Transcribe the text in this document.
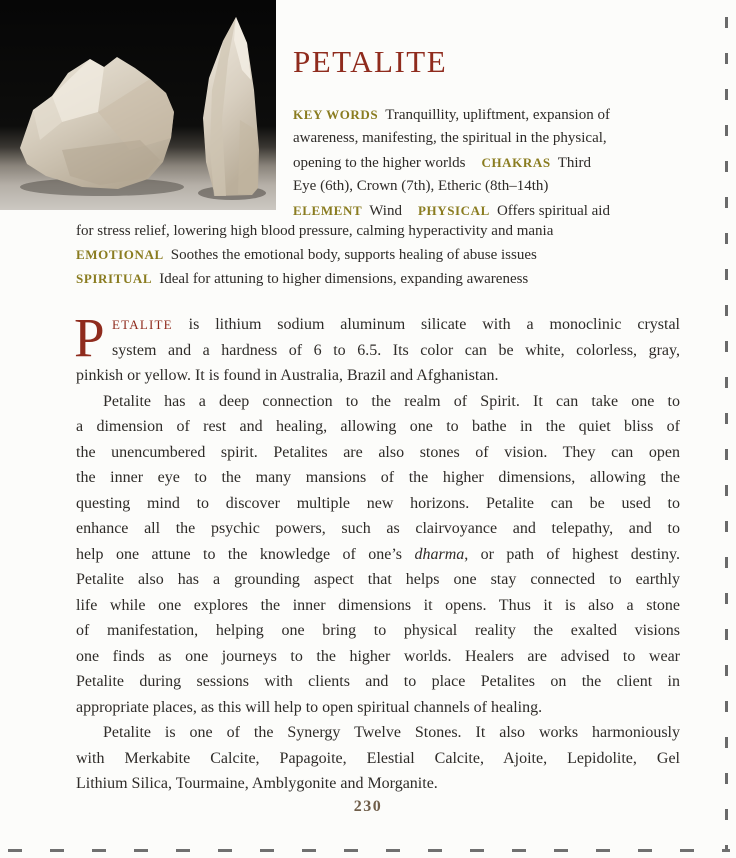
PETALITE
KEY WORDS Tranquillity, upliftment, expansion of
awareness, manifesting, the spiritual in the physical,
opening to the higher worlds CHAKRAS Third
Eye (6th), Crown (7th), Etheric (8th–14th)
ELEMENT Wind PHYSICAL Offers spiritual aid
for stress relief, lowering high blood pressure, calming hyperactivity and mania
EMOTIONAL Soothes the emotional body, supports healing of abuse issues
SPIRITUAL Ideal for attuning to higher dimensions, expanding awareness
P ETALITE is lithium sodium aluminum silicate with a monoclinic crystal
system and a hardness of 6 to 6.5. Its color can be white, colorless, gray,
pinkish or yellow. It is found in Australia, Brazil and Afghanistan.
Petalite has a deep connection to the realm of Spirit. It can take one to
a dimension of rest and healing, allowing one to bathe in the quiet bliss of
the unencumbered spirit. Petalites are also stones of vision. They can open
the inner eye to the many mansions of the higher dimensions, allowing the
questing mind to discover multiple new horizons. Petalite can be used to
enhance all the psychic powers, such as clairvoyance and telepathy, and to
help one attune to the knowledge of one’s dharma, or path of highest destiny.
Petalite also has a grounding aspect that helps one stay connected to earthly
life while one explores the inner dimensions it opens. Thus it is also a stone
of manifestation, helping one bring to physical reality the exalted visions
one finds as one journeys to the higher worlds. Healers are advised to wear
Petalite during sessions with clients and to place Petalites on the client in
appropriate places, as this will help to open spiritual channels of healing.
Petalite is one of the Synergy Twelve Stones. It also works harmoniously
with Merkabite Calcite, Papagoite, Elestial Calcite, Ajoite, Lepidolite, Gel
Lithium Silica, Tourmaine, Amblygonite and Morganite.
230
